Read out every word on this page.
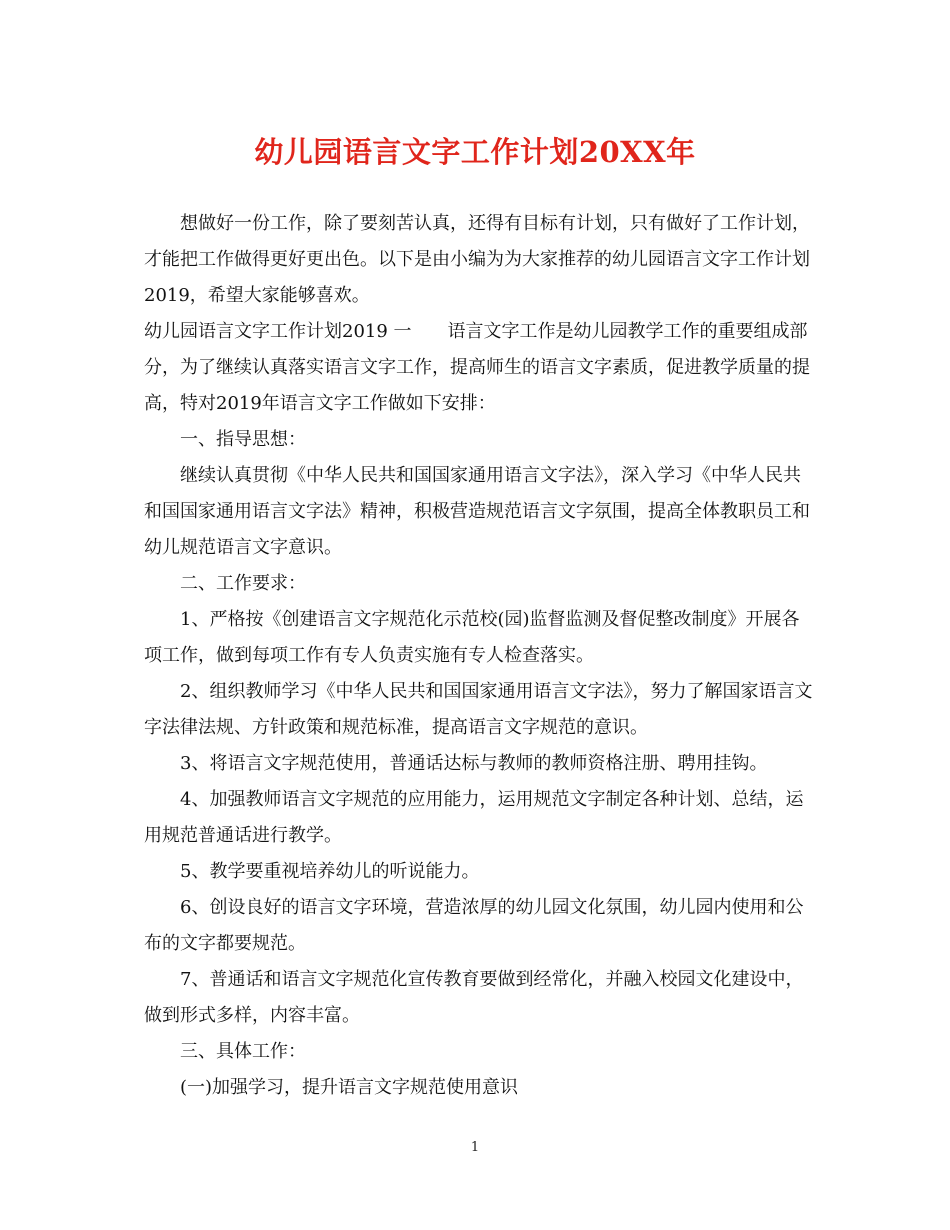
幼儿园语言文字工作计划20XX年

想做好一份工作，除了要刻苦认真，还得有目标有计划，只有做好了工作计划，才能把工作做得更好更出色。以下是由小编为为大家推荐的幼儿园语言文字工作计划2019，希望大家能够喜欢。

幼儿园语言文字工作计划2019 一　　语言文字工作是幼儿园教学工作的重要组成部分，为了继续认真落实语言文字工作，提高师生的语言文字素质，促进教学质量的提高，特对2019年语言文字工作做如下安排：

一、指导思想：

继续认真贯彻《中华人民共和国国家通用语言文字法》，深入学习《中华人民共和国国家通用语言文字法》精神，积极营造规范语言文字氛围，提高全体教职员工和幼儿规范语言文字意识。

二、工作要求：

1、严格按《创建语言文字规范化示范校(园)监督监测及督促整改制度》开展各项工作，做到每项工作有专人负责实施有专人检查落实。

2、组织教师学习《中华人民共和国国家通用语言文字法》，努力了解国家语言文字法律法规、方针政策和规范标准，提高语言文字规范的意识。

3、将语言文字规范使用，普通话达标与教师的教师资格注册、聘用挂钩。

4、加强教师语言文字规范的应用能力，运用规范文字制定各种计划、总结，运用规范普通话进行教学。

5、教学要重视培养幼儿的听说能力。

6、创设良好的语言文字环境，营造浓厚的幼儿园文化氛围，幼儿园内使用和公布的文字都要规范。

7、普通话和语言文字规范化宣传教育要做到经常化，并融入校园文化建设中，做到形式多样，内容丰富。

三、具体工作：

(一)加强学习，提升语言文字规范使用意识

1
